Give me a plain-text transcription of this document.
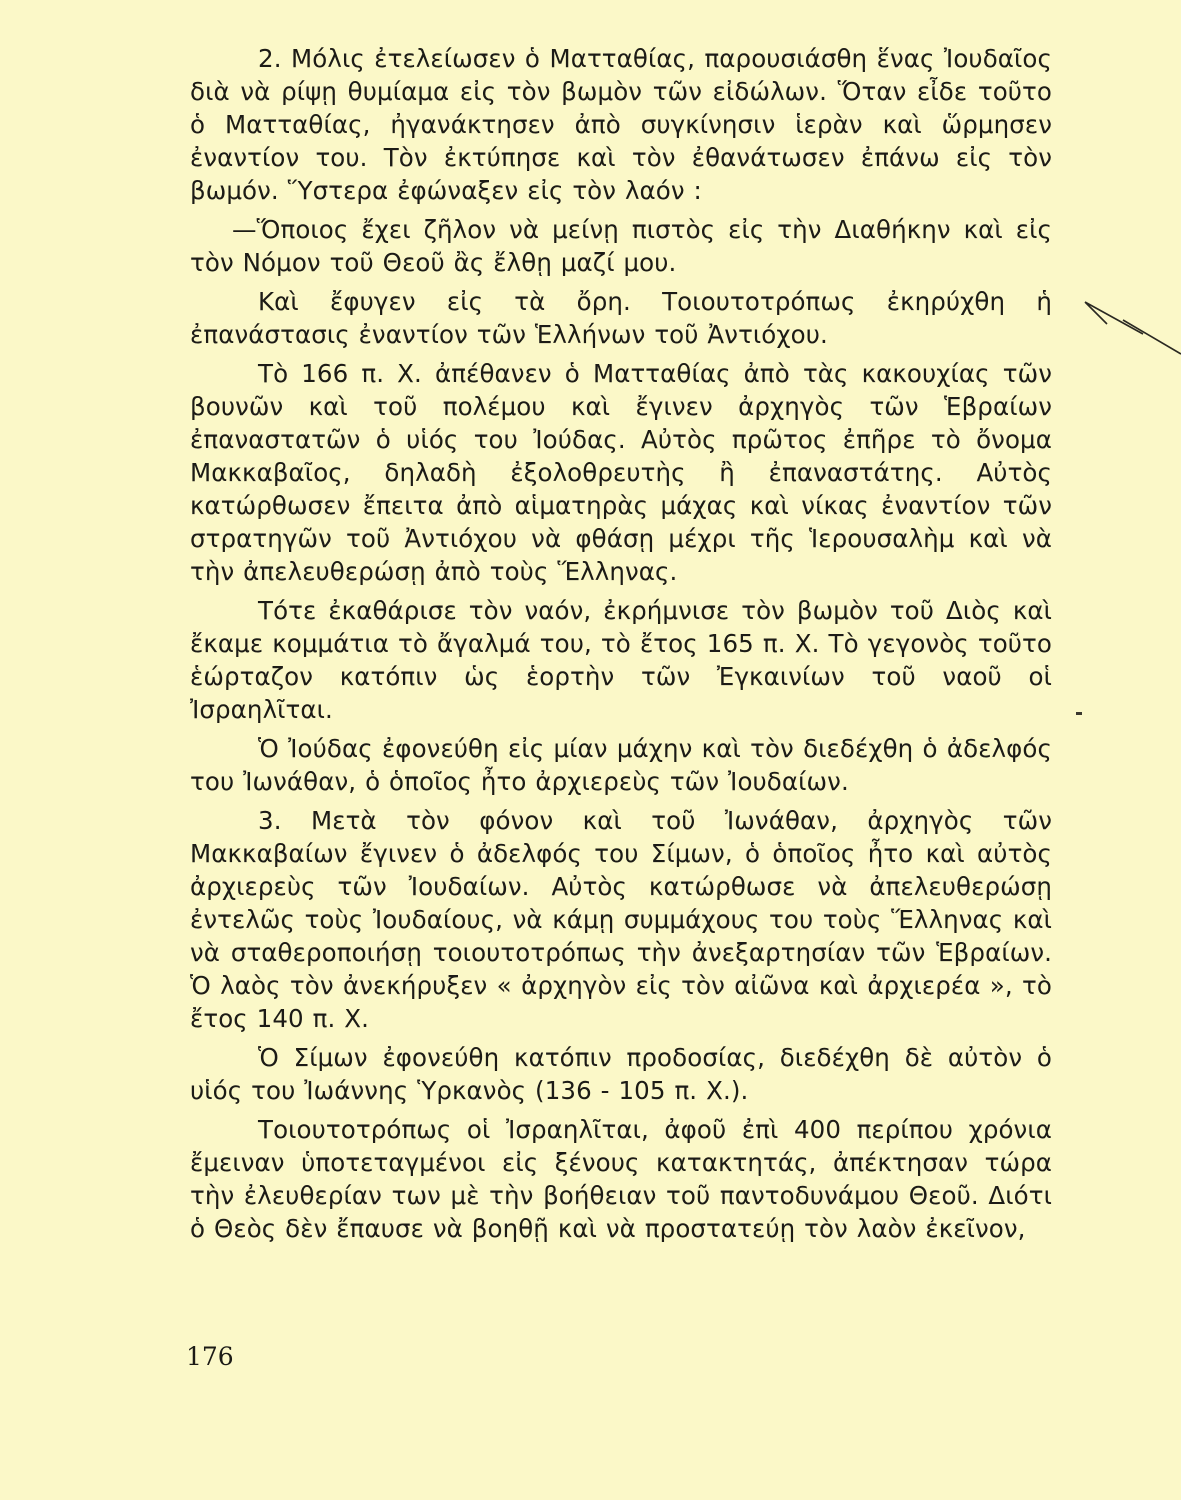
2. Μόλις ἐτελείωσεν ὁ Ματταθίας, παρουσιάσθη ἕνας Ἰουδαῖος διὰ νὰ ρίψῃ θυμίαμα εἰς τὸν βωμὸν τῶν εἰδώλων. Ὅταν εἶδε τοῦτο ὁ Ματταθίας, ἠγανάκτησεν ἀπὸ συγκίνησιν ἱερὰν καὶ ὥρμησεν ἐναντίον του. Τὸν ἐκτύπησε καὶ τὸν ἐθανάτωσεν ἐπάνω εἰς τὸν βωμόν. Ὕστερα ἐφώναξεν εἰς τὸν λαόν :

—Ὅποιος ἔχει ζῆλον νὰ μείνῃ πιστὸς εἰς τὴν Διαθήκην καὶ εἰς τὸν Νόμον τοῦ Θεοῦ ἂς ἔλθῃ μαζί μου.

Καὶ ἔφυγεν εἰς τὰ ὄρη. Τοιουτοτρόπως ἐκηρύχθη ἡ ἐπανάστασις ἐναντίον τῶν Ἑλλήνων τοῦ Ἀντιόχου.

Τὸ 166 π. Χ. ἀπέθανεν ὁ Ματταθίας ἀπὸ τὰς κακουχίας τῶν βουνῶν καὶ τοῦ πολέμου καὶ ἔγινεν ἀρχηγὸς τῶν Ἑβραίων ἐπαναστατῶν ὁ υἱός του Ἰούδας. Αὐτὸς πρῶτος ἐπῆρε τὸ ὄνομα Μακκαβαῖος, δηλαδὴ ἐξολοθρευτὴς ἢ ἐπαναστάτης. Αὐτὸς κατώρθωσεν ἔπειτα ἀπὸ αἱματηρὰς μάχας καὶ νίκας ἐναντίον τῶν στρατηγῶν τοῦ Ἀντιόχου νὰ φθάσῃ μέχρι τῆς Ἱερουσαλὴμ καὶ νὰ τὴν ἀπελευθερώσῃ ἀπὸ τοὺς Ἕλληνας.

Τότε ἐκαθάρισε τὸν ναόν, ἐκρήμνισε τὸν βωμὸν τοῦ Διὸς καὶ ἔκαμε κομμάτια τὸ ἄγαλμά του, τὸ ἔτος 165 π. Χ. Τὸ γεγονὸς τοῦτο ἑώρταζον κατόπιν ὡς ἑορτὴν τῶν Ἐγκαινίων τοῦ ναοῦ οἱ Ἰσραηλῖται.

Ὁ Ἰούδας ἐφονεύθη εἰς μίαν μάχην καὶ τὸν διεδέχθη ὁ ἀδελφός του Ἰωνάθαν, ὁ ὁποῖος ἦτο ἀρχιερεὺς τῶν Ἰουδαίων.

3. Μετὰ τὸν φόνον καὶ τοῦ Ἰωνάθαν, ἀρχηγὸς τῶν Μακκαβαίων ἔγινεν ὁ ἀδελφός του Σίμων, ὁ ὁποῖος ἦτο καὶ αὐτὸς ἀρχιερεὺς τῶν Ἰουδαίων. Αὐτὸς κατώρθωσε νὰ ἀπελευθερώσῃ ἐντελῶς τοὺς Ἰουδαίους, νὰ κάμῃ συμμάχους του τοὺς Ἕλληνας καὶ νὰ σταθεροποιήσῃ τοιουτοτρόπως τὴν ἀνεξαρτησίαν τῶν Ἑβραίων. Ὁ λαὸς τὸν ἀνεκήρυξεν « ἀρχηγὸν εἰς τὸν αἰῶνα καὶ ἀρχιερέα », τὸ ἔτος 140 π. Χ.

Ὁ Σίμων ἐφονεύθη κατόπιν προδοσίας, διεδέχθη δὲ αὐτὸν ὁ υἱός του Ἰωάννης Ὑρκανὸς (136 - 105 π. Χ.).

Τοιουτοτρόπως οἱ Ἰσραηλῖται, ἀφοῦ ἐπὶ 400 περίπου χρόνια ἔμειναν ὑποτεταγμένοι εἰς ξένους κατακτητάς, ἀπέκτησαν τώρα τὴν ἐλευθερίαν των μὲ τὴν βοήθειαν τοῦ παντοδυνάμου Θεοῦ. Διότι ὁ Θεὸς δὲν ἔπαυσε νὰ βοηθῇ καὶ νὰ προστατεύῃ τὸν λαὸν ἐκεῖνον,

176
